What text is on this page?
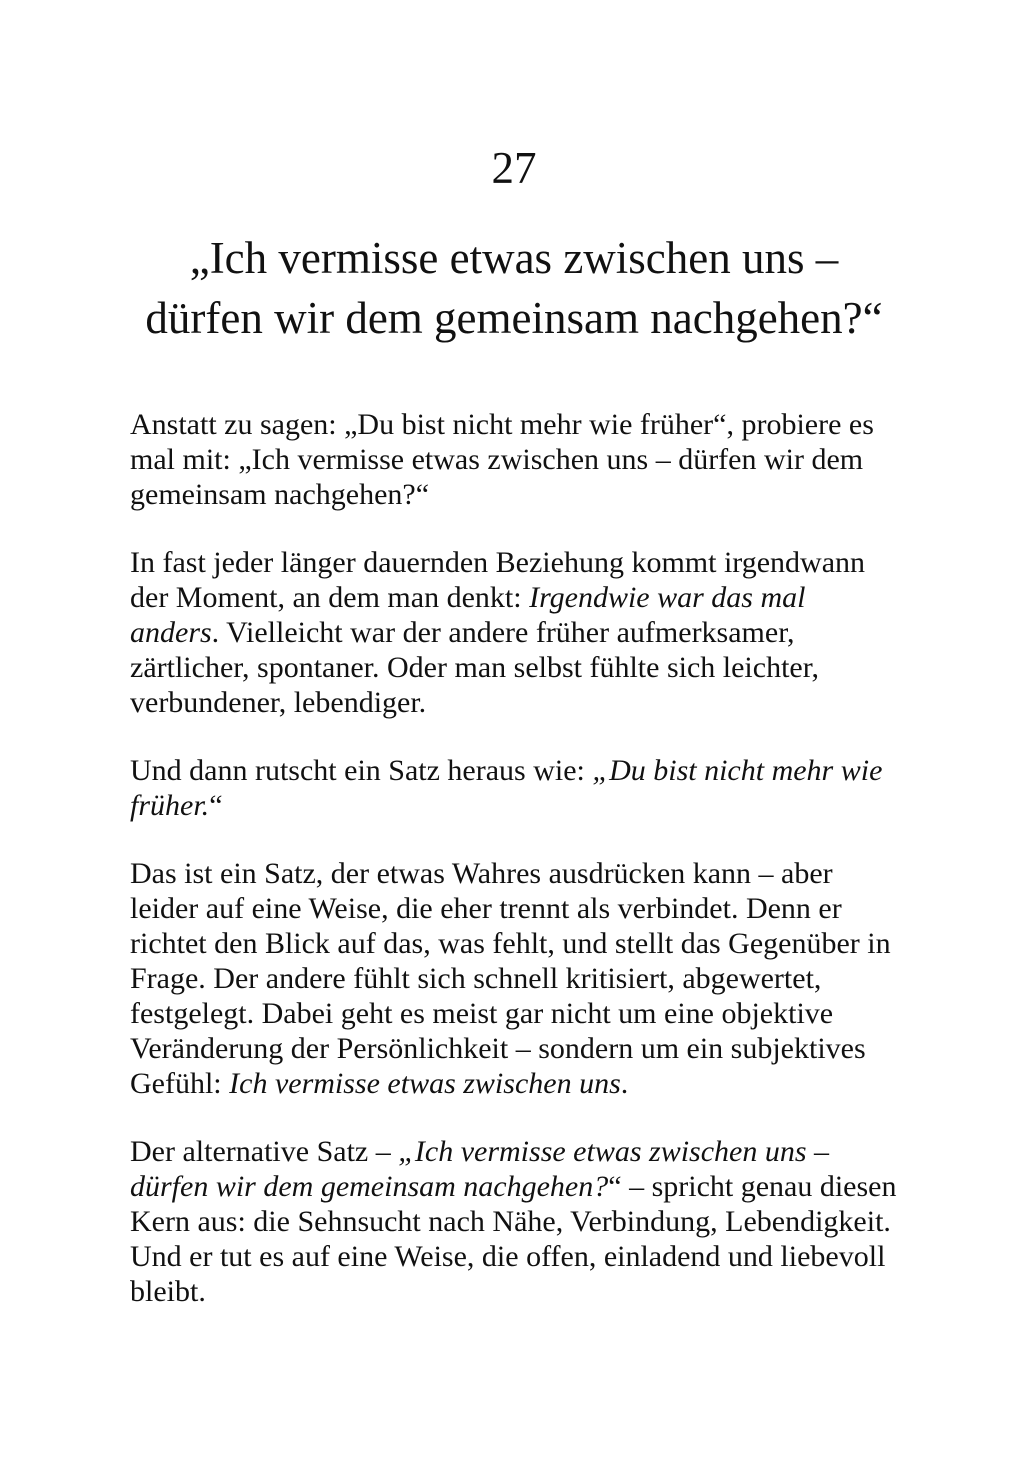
27
„Ich vermisse etwas zwischen uns –
dürfen wir dem gemeinsam nachgehen?“

Anstatt zu sagen: „Du bist nicht mehr wie früher“, probiere es
mal mit: „Ich vermisse etwas zwischen uns – dürfen wir dem
gemeinsam nachgehen?“

In fast jeder länger dauernden Beziehung kommt irgendwann
der Moment, an dem man denkt: Irgendwie war das mal
anders. Vielleicht war der andere früher aufmerksamer,
zärtlicher, spontaner. Oder man selbst fühlte sich leichter,
verbundener, lebendiger.

Und dann rutscht ein Satz heraus wie: „Du bist nicht mehr wie
früher.“

Das ist ein Satz, der etwas Wahres ausdrücken kann – aber
leider auf eine Weise, die eher trennt als verbindet. Denn er
richtet den Blick auf das, was fehlt, und stellt das Gegenüber in
Frage. Der andere fühlt sich schnell kritisiert, abgewertet,
festgelegt. Dabei geht es meist gar nicht um eine objektive
Veränderung der Persönlichkeit – sondern um ein subjektives
Gefühl: Ich vermisse etwas zwischen uns.

Der alternative Satz – „Ich vermisse etwas zwischen uns –
dürfen wir dem gemeinsam nachgehen?“ – spricht genau diesen
Kern aus: die Sehnsucht nach Nähe, Verbindung, Lebendigkeit.
Und er tut es auf eine Weise, die offen, einladend und liebevoll
bleibt.
